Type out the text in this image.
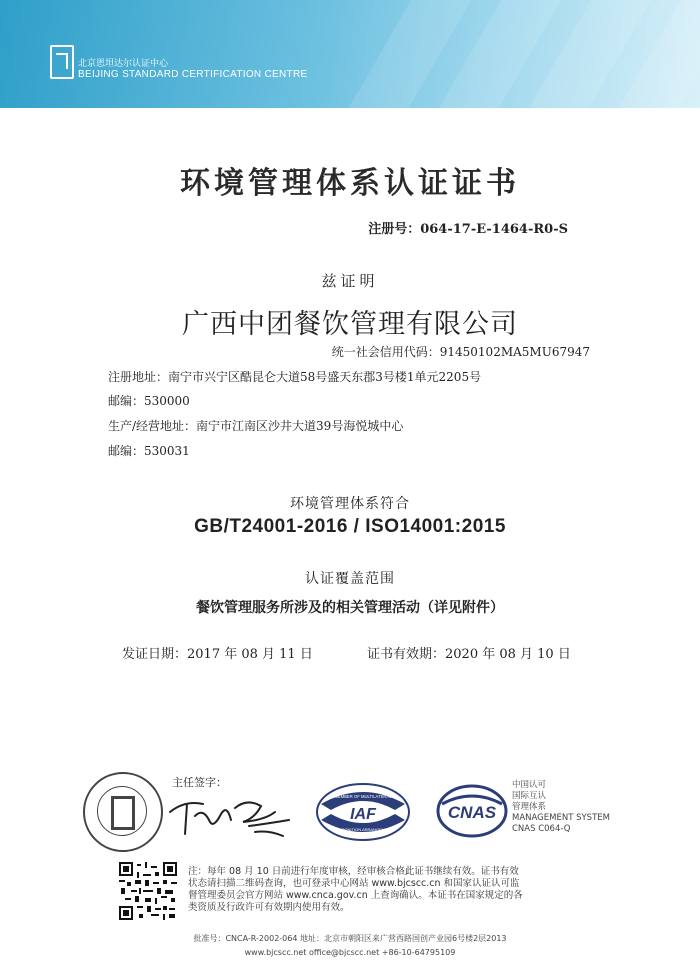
北京恩坦达尔认证中心
BEIJING STANDARD CERTIFICATION CENTRE
环境管理体系认证证书
注册号：064-17-E-1464-R0-S
兹证明
广西中团餐饮管理有限公司
统一社会信用代码：91450102MA5MU67947
注册地址：南宁市兴宁区酷昆仑大道58号盛天东郡3号楼1单元2205号
邮编：530000
生产/经营地址：南宁市江南区沙井大道39号海悦城中心
邮编：530031
环境管理体系符合
GB/T24001-2016 / ISO14001:2015
认证覆盖范围
餐饮管理服务所涉及的相关管理活动（详见附件）
发证日期：2017 年 08 月 11 日	证书有效期：2020 年 08 月 10 日
主任签字：
IAF
MEMBER OF MULTILATERAL
RECOGNITION ARRANGEMENT
CNAS
中国认可
国际互认
管理体系
MANAGEMENT SYSTEM
CNAS C064-Q
注：每年 08 月 10 日前进行年度审核，经审核合格此证书继续有效。证书有效
状态请扫描二维码查询，也可登录中心网站 www.bjcscc.cn 和国家认证认可监
督管理委员会官方网站 www.cnca.gov.cn 上查询确认。本证书在国家规定的各
类资质及行政许可有效期内使用有效。
批准号：CNCA-R-2002-064 地址：北京市朝阳区来广营西路国创产业园6号楼2层2013
www.bjcscc.net office@bjcscc.net +86-10-64795109
